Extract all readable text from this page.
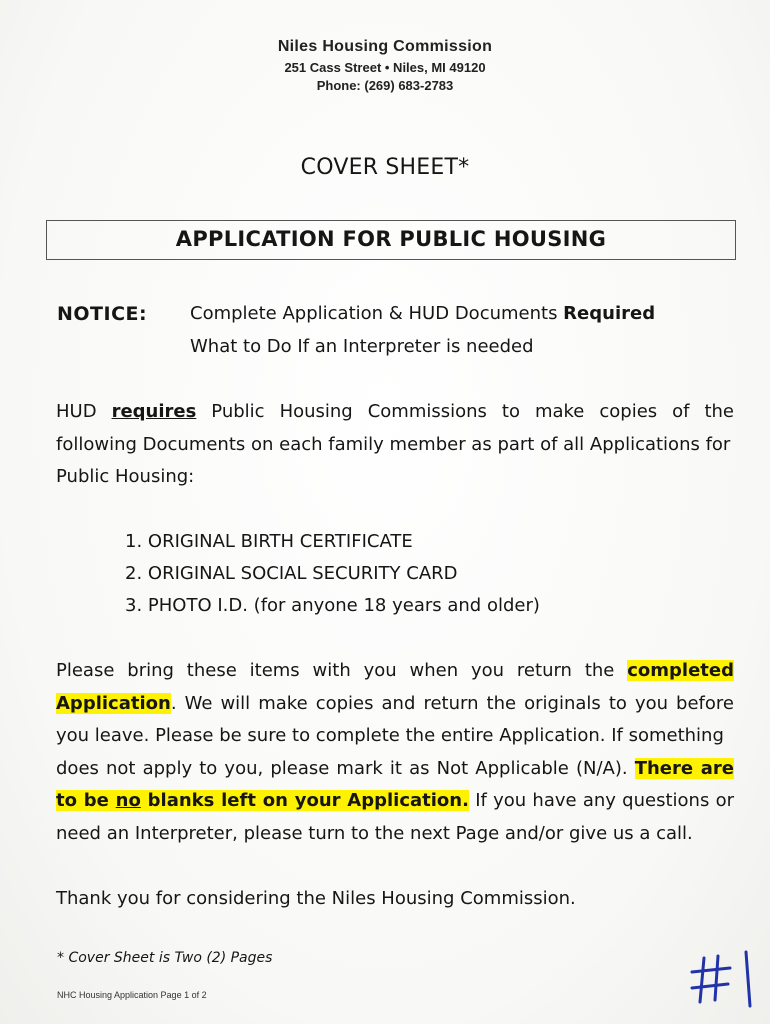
Niles Housing Commission
251 Cass Street • Niles, MI 49120
Phone: (269) 683-2783
COVER SHEET*
APPLICATION FOR PUBLIC HOUSING
NOTICE: Complete Application & HUD Documents Required
What to Do If an Interpreter is needed
HUD requires Public Housing Commissions to make copies of the
following Documents on each family member as part of all Applications for
Public Housing:
1. ORIGINAL BIRTH CERTIFICATE
2. ORIGINAL SOCIAL SECURITY CARD
3. PHOTO I.D. (for anyone 18 years and older)
Please bring these items with you when you return the completed
Application. We will make copies and return the originals to you before
you leave. Please be sure to complete the entire Application. If something
does not apply to you, please mark it as Not Applicable (N/A). There are
to be no blanks left on your Application. If you have any questions or
need an Interpreter, please turn to the next Page and/or give us a call.
Thank you for considering the Niles Housing Commission.
* Cover Sheet is Two (2) Pages
NHC Housing Application Page 1 of 2
